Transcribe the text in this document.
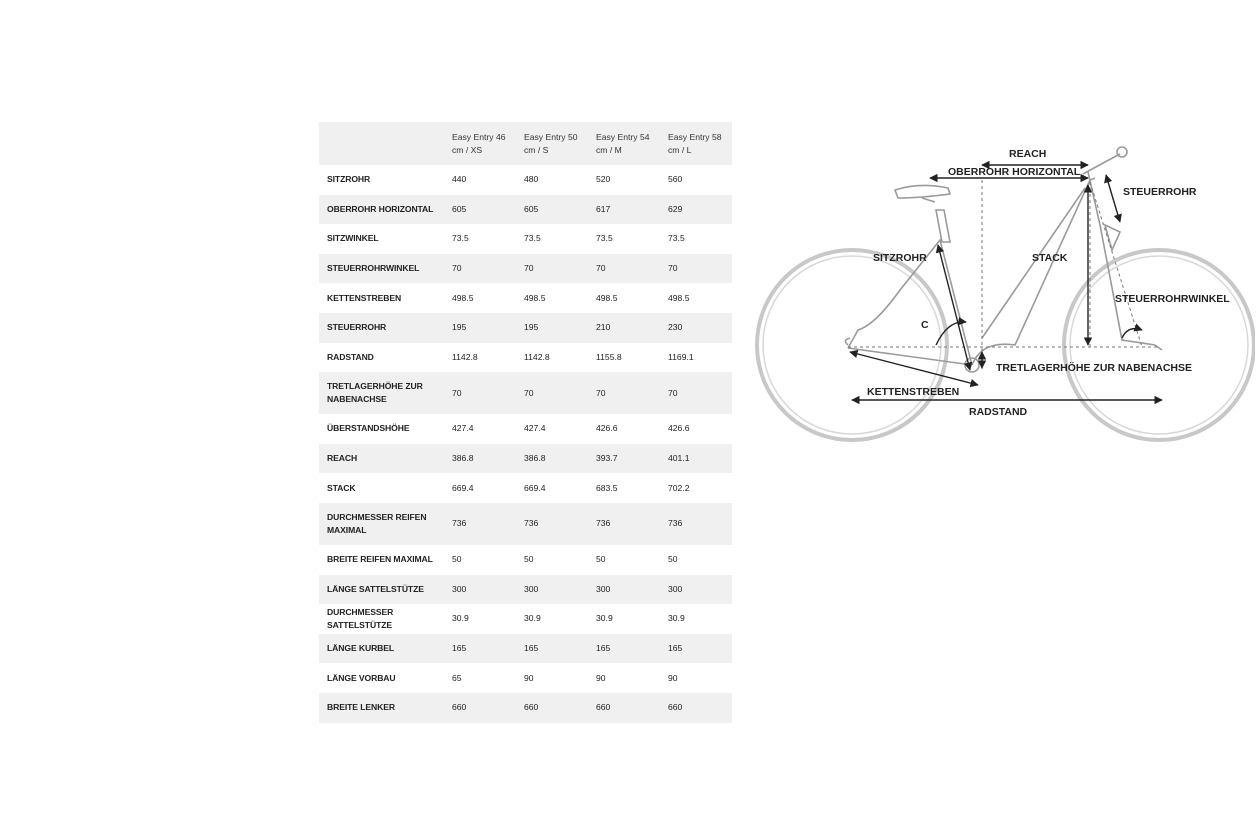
	Easy Entry 46 cm / XS	Easy Entry 50 cm / S	Easy Entry 54 cm / M	Easy Entry 58 cm / L
SITZROHR	440	480	520	560
OBERROHR HORIZONTAL	605	605	617	629
SITZWINKEL	73.5	73.5	73.5	73.5
STEUERROHRWINKEL	70	70	70	70
KETTENSTREBEN	498.5	498.5	498.5	498.5
STEUERROHR	195	195	210	230
RADSTAND	1142.8	1142.8	1155.8	1169.1
TRETLAGERHÖHE ZUR NABENACHSE	70	70	70	70
ÜBERSTANDSHÖHE	427.4	427.4	426.6	426.6
REACH	386.8	386.8	393.7	401.1
STACK	669.4	669.4	683.5	702.2
DURCHMESSER REIFEN MAXIMAL	736	736	736	736
BREITE REIFEN MAXIMAL	50	50	50	50
LÄNGE SATTELSTÜTZE	300	300	300	300
DURCHMESSER SATTELSTÜTZE	30.9	30.9	30.9	30.9
LÄNGE KURBEL	165	165	165	165
LÄNGE VORBAU	65	90	90	90
BREITE LENKER	660	660	660	660
REACH
OBERROHR HORIZONTAL
STEUERROHR
SITZROHR	STACK
STEUERROHRWINKEL
C
TRETLAGERHÖHE ZUR NABENACHSE
KETTENSTREBEN
RADSTAND
